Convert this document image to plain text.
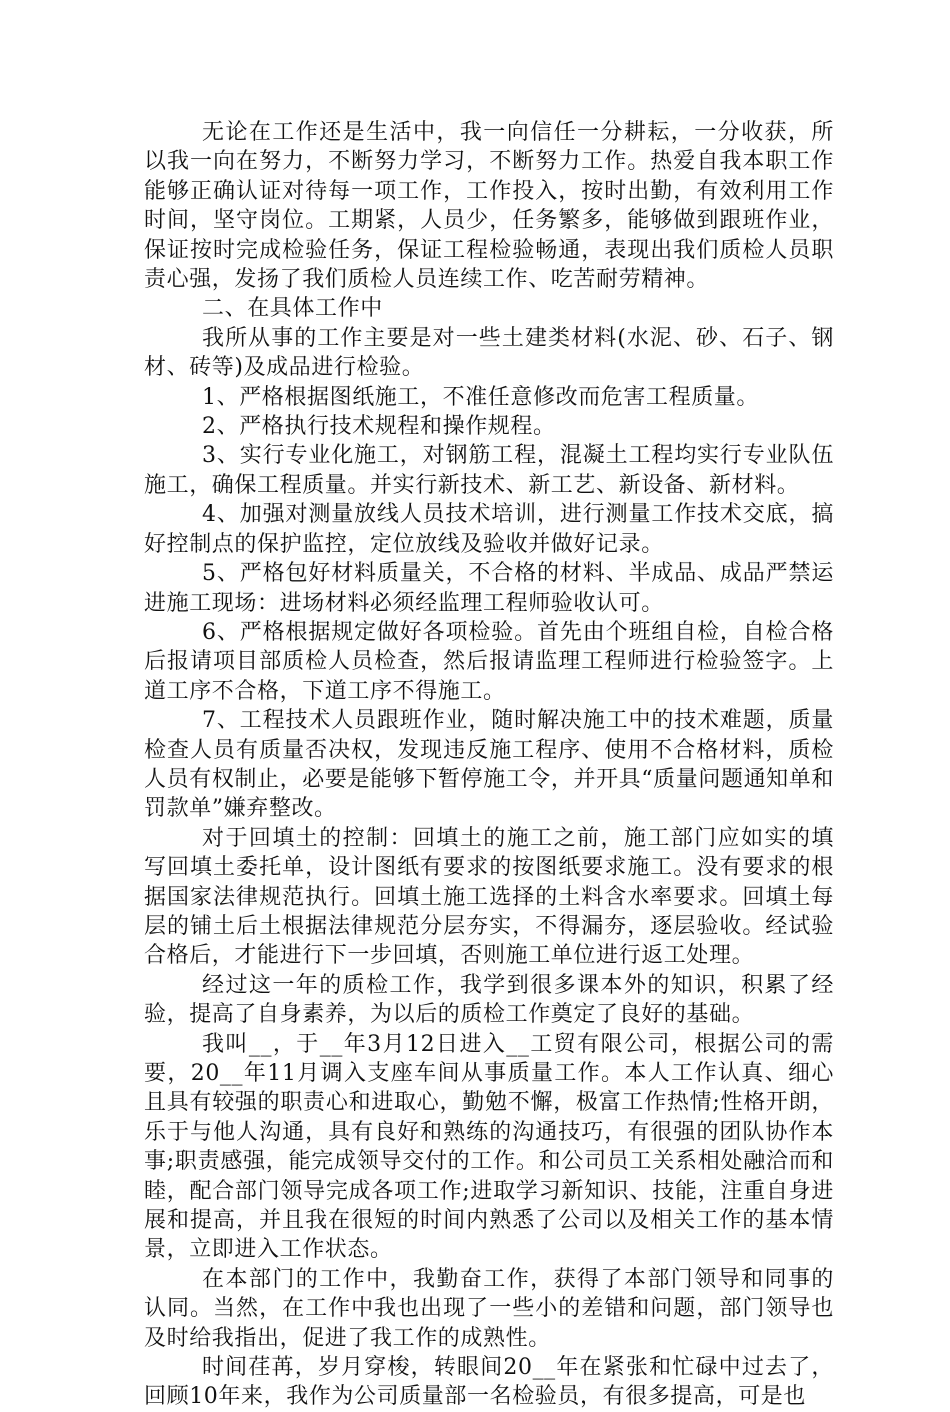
无论在工作还是生活中，我一向信任一分耕耘，一分收获，所以我一向在努力，不断努力学习，不断努力工作。热爱自我本职工作能够正确认证对待每一项工作，工作投入，按时出勤，有效利用工作时间，坚守岗位。工期紧，人员少，任务繁多，能够做到跟班作业，保证按时完成检验任务，保证工程检验畅通，表现出我们质检人员职责心强，发扬了我们质检人员连续工作、吃苦耐劳精神。

二、在具体工作中

我所从事的工作主要是对一些土建类材料(水泥、砂、石子、钢材、砖等)及成品进行检验。

1、严格根据图纸施工，不准任意修改而危害工程质量。

2、严格执行技术规程和操作规程。

3、实行专业化施工，对钢筋工程，混凝土工程均实行专业队伍施工，确保工程质量。并实行新技术、新工艺、新设备、新材料。

4、加强对测量放线人员技术培训，进行测量工作技术交底，搞好控制点的保护监控，定位放线及验收并做好记录。

5、严格包好材料质量关，不合格的材料、半成品、成品严禁运进施工现场：进场材料必须经监理工程师验收认可。

6、严格根据规定做好各项检验。首先由个班组自检，自检合格后报请项目部质检人员检查，然后报请监理工程师进行检验签字。上道工序不合格，下道工序不得施工。

7、工程技术人员跟班作业，随时解决施工中的技术难题，质量检查人员有质量否决权，发现违反施工程序、使用不合格材料，质检人员有权制止，必要是能够下暂停施工令，并开具“质量问题通知单和罚款单”嫌弃整改。

对于回填土的控制：回填土的施工之前，施工部门应如实的填写回填土委托单，设计图纸有要求的按图纸要求施工。没有要求的根据国家法律规范执行。回填土施工选择的土料含水率要求。回填土每层的铺土后土根据法律规范分层夯实，不得漏夯，逐层验收。经试验合格后，才能进行下一步回填，否则施工单位进行返工处理。

经过这一年的质检工作，我学到很多课本外的知识，积累了经验，提高了自身素养，为以后的质检工作奠定了良好的基础。

我叫__，于__年3月12日进入__工贸有限公司，根据公司的需要，20__年11月调入支座车间从事质量工作。本人工作认真、细心且具有较强的职责心和进取心，勤勉不懈，极富工作热情;性格开朗，乐于与他人沟通，具有良好和熟练的沟通技巧，有很强的团队协作本事;职责感强，能完成领导交付的工作。和公司员工关系相处融洽而和睦，配合部门领导完成各项工作;进取学习新知识、技能，注重自身进展和提高，并且我在很短的时间内熟悉了公司以及相关工作的基本情景，立即进入工作状态。

在本部门的工作中，我勤奋工作，获得了本部门领导和同事的认同。当然，在工作中我也出现了一些小的差错和问题，部门领导也及时给我指出，促进了我工作的成熟性。

时间荏苒，岁月穿梭，转眼间20__年在紧张和忙碌中过去了，回顾10年来，我作为公司质量部一名检验员，有很多提高，可是也
